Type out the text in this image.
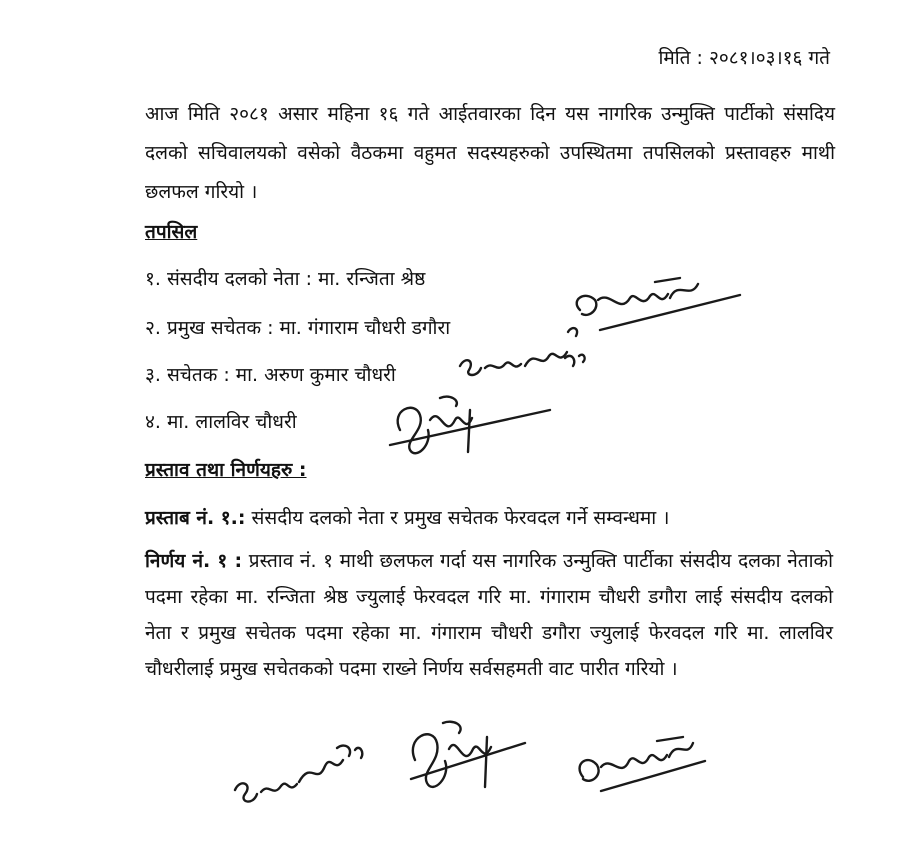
मिति : २०८१।०३।१६ गते
आज मिति २०८१ असार महिना १६ गते आईतवारका दिन यस नागरिक उन्मुक्ति पार्टीको संसदिय दलको सचिवालयको वसेको वैठकमा वहुमत सदस्यहरुको उपस्थितमा तपसिलको प्रस्तावहरु माथी छलफल गरियो ।
तपसिल
१. संसदीय दलको नेता : मा. रन्जिता श्रेष्ठ
२. प्रमुख सचेतक : मा. गंगाराम चौधरी डगौरा
३. सचेतक : मा. अरुण कुमार चौधरी
४. मा. लालविर चौधरी
प्रस्ताव तथा निर्णयहरु :
प्रस्ताब नं. १.: संसदीय दलको नेता र प्रमुख सचेतक फेरवदल गर्ने सम्वन्धमा ।
निर्णय नं. १ : प्रस्ताव नं. १ माथी छलफल गर्दा यस नागरिक उन्मुक्ति पार्टीका संसदीय दलका नेताको पदमा रहेका मा. रन्जिता श्रेष्ठ ज्युलाई फेरवदल गरि मा. गंगाराम चौधरी डगौरा लाई संसदीय दलको नेता र प्रमुख सचेतक पदमा रहेका मा. गंगाराम चौधरी डगौरा ज्युलाई फेरवदल गरि मा. लालविर चौधरीलाई प्रमुख सचेतकको पदमा राख्ने निर्णय सर्वसहमती वाट पारीत गरियो ।
